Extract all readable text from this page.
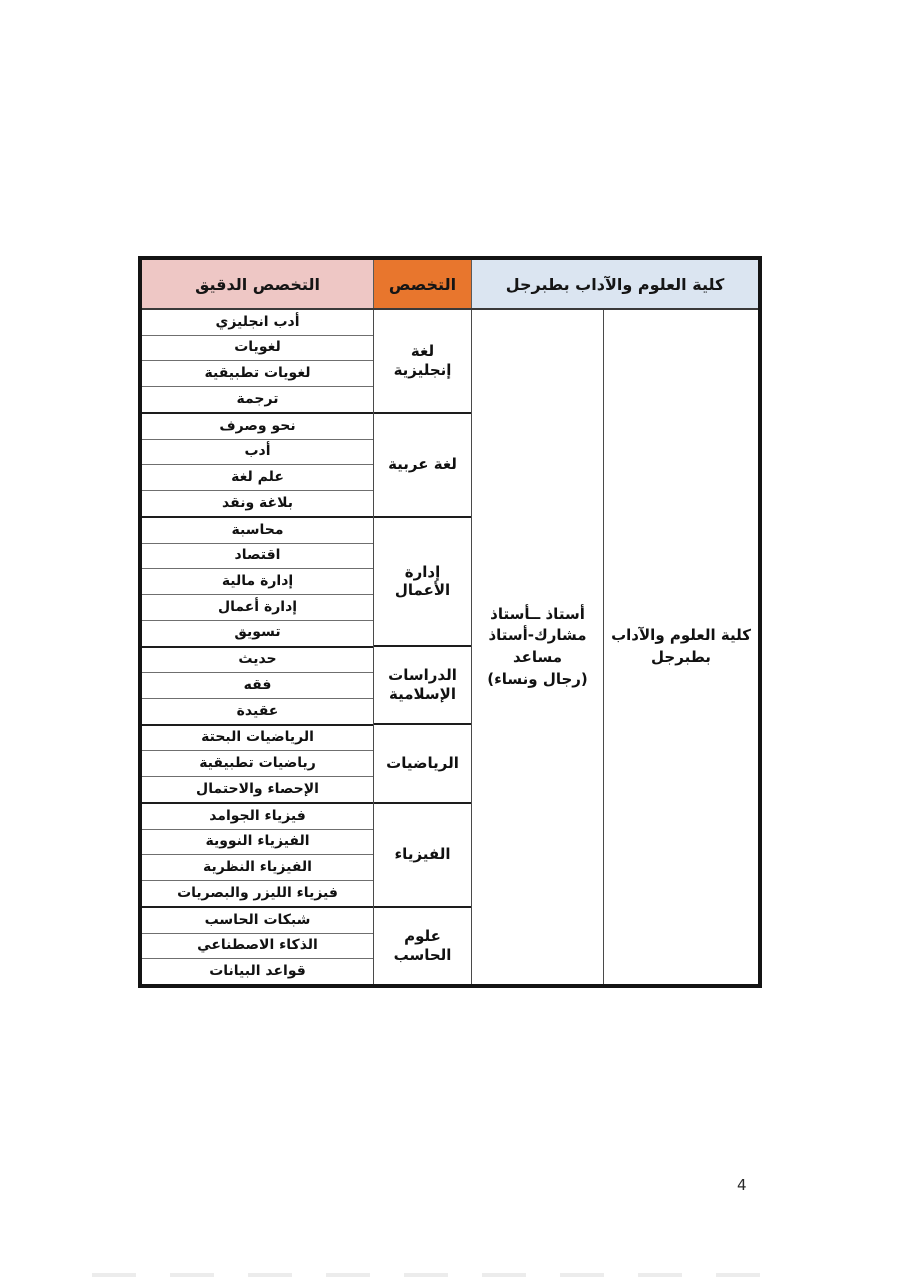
التخصص الدقيق	التخصص	كلية العلوم والآداب بطبرجل
أدب انجليزي
لغويات
لغويات تطبيقية
ترجمة
نحو وصرف
أدب
علم لغة
بلاغة ونقد
محاسبة
اقتصاد
إدارة مالية
إدارة أعمال
تسويق
حديث
فقه
عقيدة
الرياضيات البحتة
رياضيات تطبيقية
الإحصاء والاحتمال
فيزياء الجوامد
الفيزياء النووية
الفيزياء النظرية
فيزياء الليزر والبصريات
شبكات الحاسب
الذكاء الاصطناعي
قواعد البيانات
لغة
إنجليزية
لغة عربية
إدارة
الأعمال
الدراسات
الإسلامية
الرياضيات
الفيزياء
علوم
الحاسب
أستاذ ــأستاذ
مشارك-أستاذ
مساعد
(رجال ونساء)
كلية العلوم والآداب
بطبرجل
4
